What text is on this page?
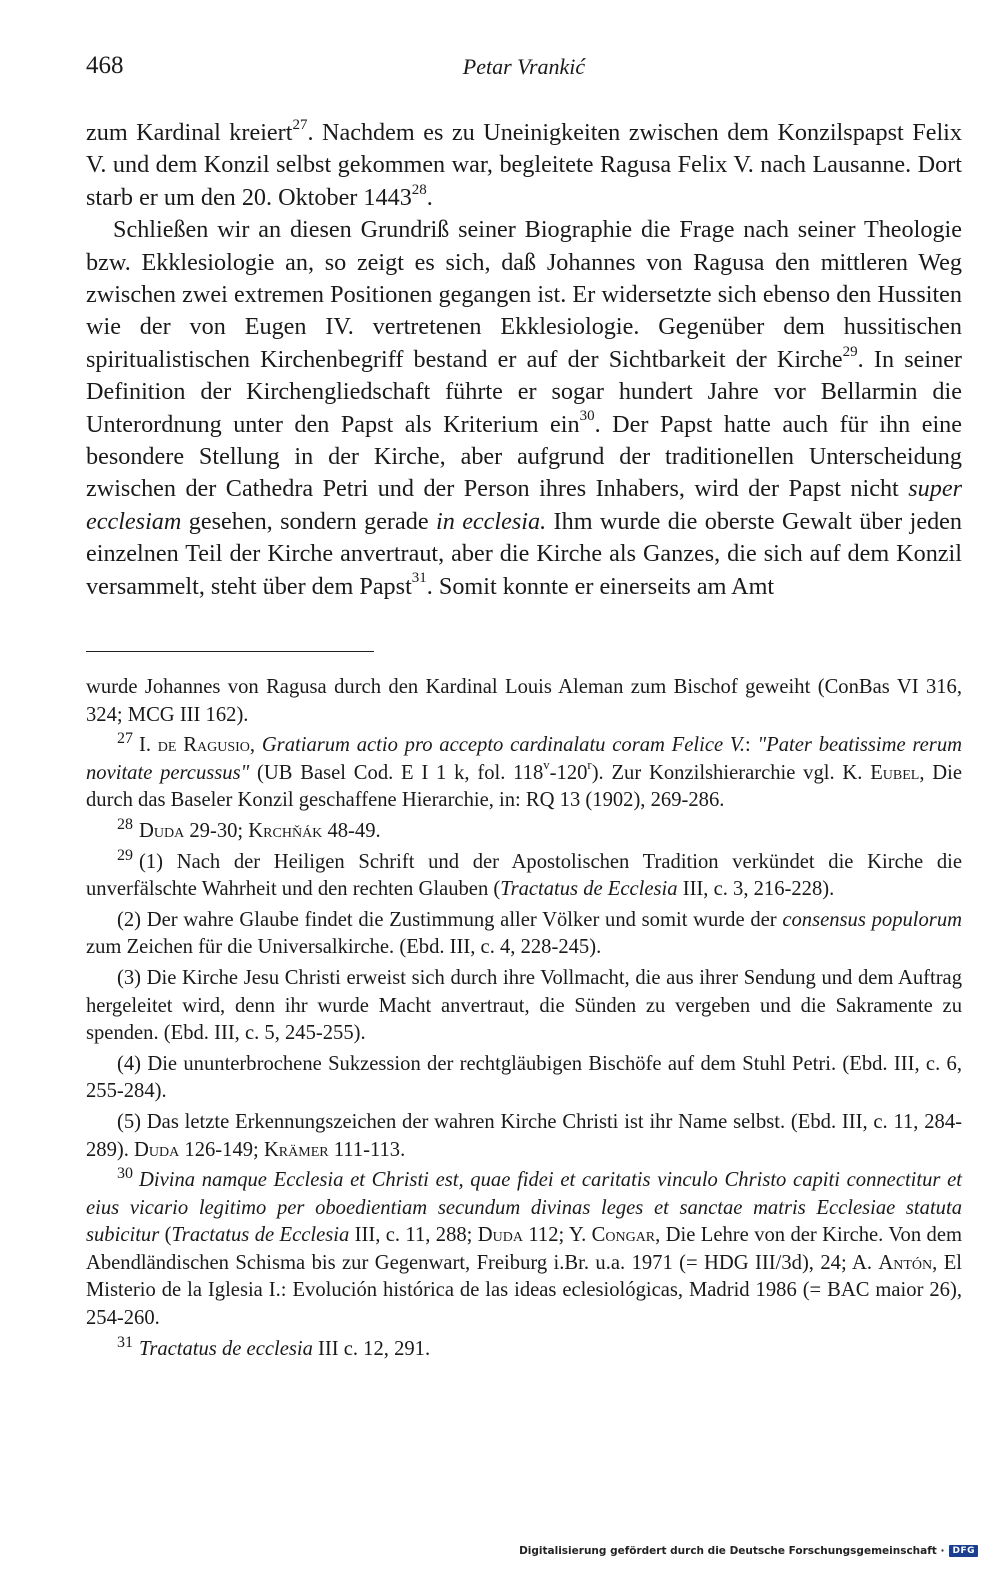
468	Petar Vrankić

zum Kardinal kreiert$^{27}$. Nachdem es zu Uneinigkeiten zwischen dem Konzilspapst Felix V. und dem Konzil selbst gekommen war, begleitete Ragusa Felix V. nach Lausanne. Dort starb er um den 20. Oktober 1443$^{28}$.

Schließen wir an diesen Grundriß seiner Biographie die Frage nach seiner Theologie bzw. Ekklesiologie an, so zeigt es sich, daß Johannes von Ragusa den mittleren Weg zwischen zwei extremen Positionen gegangen ist. Er widersetzte sich ebenso den Hussiten wie der von Eugen IV. vertretenen Ekklesiologie. Gegenüber dem hussitischen spiritualistischen Kirchenbegriff bestand er auf der Sichtbarkeit der Kirche$^{29}$. In seiner Definition der Kirchengliedschaft führte er sogar hundert Jahre vor Bellarmin die Unterordnung unter den Papst als Kriterium ein$^{30}$. Der Papst hatte auch für ihn eine besondere Stellung in der Kirche, aber aufgrund der traditionellen Unterscheidung zwischen der Cathedra Petri und der Person ihres Inhabers, wird der Papst nicht super ecclesiam gesehen, sondern gerade in ecclesia. Ihm wurde die oberste Gewalt über jeden einzelnen Teil der Kirche anvertraut, aber die Kirche als Ganzes, die sich auf dem Konzil versammelt, steht über dem Papst$^{31}$. Somit konnte er einerseits am Amt

wurde Johannes von Ragusa durch den Kardinal Louis Aleman zum Bischof geweiht (ConBas VI 316, 324; MCG III 162).

$^{27}$ I. de Ragusio, Gratiarum actio pro accepto cardinalatu coram Felice V.: "Pater beatissime rerum novitate percussus" (UB Basel Cod. E I 1 k, fol. 118$^v$-120$^r$). Zur Konzilshierarchie vgl. K. Eubel, Die durch das Baseler Konzil geschaffene Hierarchie, in: RQ 13 (1902), 269-286.

$^{28}$ Duda 29-30; Krchňák 48-49.

$^{29}$ (1) Nach der Heiligen Schrift und der Apostolischen Tradition verkündet die Kirche die unverfälschte Wahrheit und den rechten Glauben (Tractatus de Ecclesia III, c. 3, 216-228).

(2) Der wahre Glaube findet die Zustimmung aller Völker und somit wurde der consensus populorum zum Zeichen für die Universalkirche. (Ebd. III, c. 4, 228-245).

(3) Die Kirche Jesu Christi erweist sich durch ihre Vollmacht, die aus ihrer Sendung und dem Auftrag hergeleitet wird, denn ihr wurde Macht anvertraut, die Sünden zu vergeben und die Sakramente zu spenden. (Ebd. III, c. 5, 245-255).

(4) Die ununterbrochene Sukzession der rechtgläubigen Bischöfe auf dem Stuhl Petri. (Ebd. III, c. 6, 255-284).

(5) Das letzte Erkennungszeichen der wahren Kirche Christi ist ihr Name selbst. (Ebd. III, c. 11, 284-289). Duda 126-149; Krämer 111-113.

$^{30}$ Divina namque Ecclesia et Christi est, quae fidei et caritatis vinculo Christo capiti connectitur et eius vicario legitimo per oboedientiam secundum divinas leges et sanctae matris Ecclesiae statuta subicitur (Tractatus de Ecclesia III, c. 11, 288; Duda 112; Y. Congar, Die Lehre von der Kirche. Von dem Abendländischen Schisma bis zur Gegenwart, Freiburg i.Br. u.a. 1971 (= HDG III/3d), 24; A. Antón, El Misterio de la Iglesia I.: Evolución histórica de las ideas eclesiológicas, Madrid 1986 (= BAC maior 26), 254-260.

$^{31}$ Tractatus de ecclesia III c. 12, 291.

Digitalisierung gefördert durch die Deutsche Forschungsgemeinschaft · DFG
